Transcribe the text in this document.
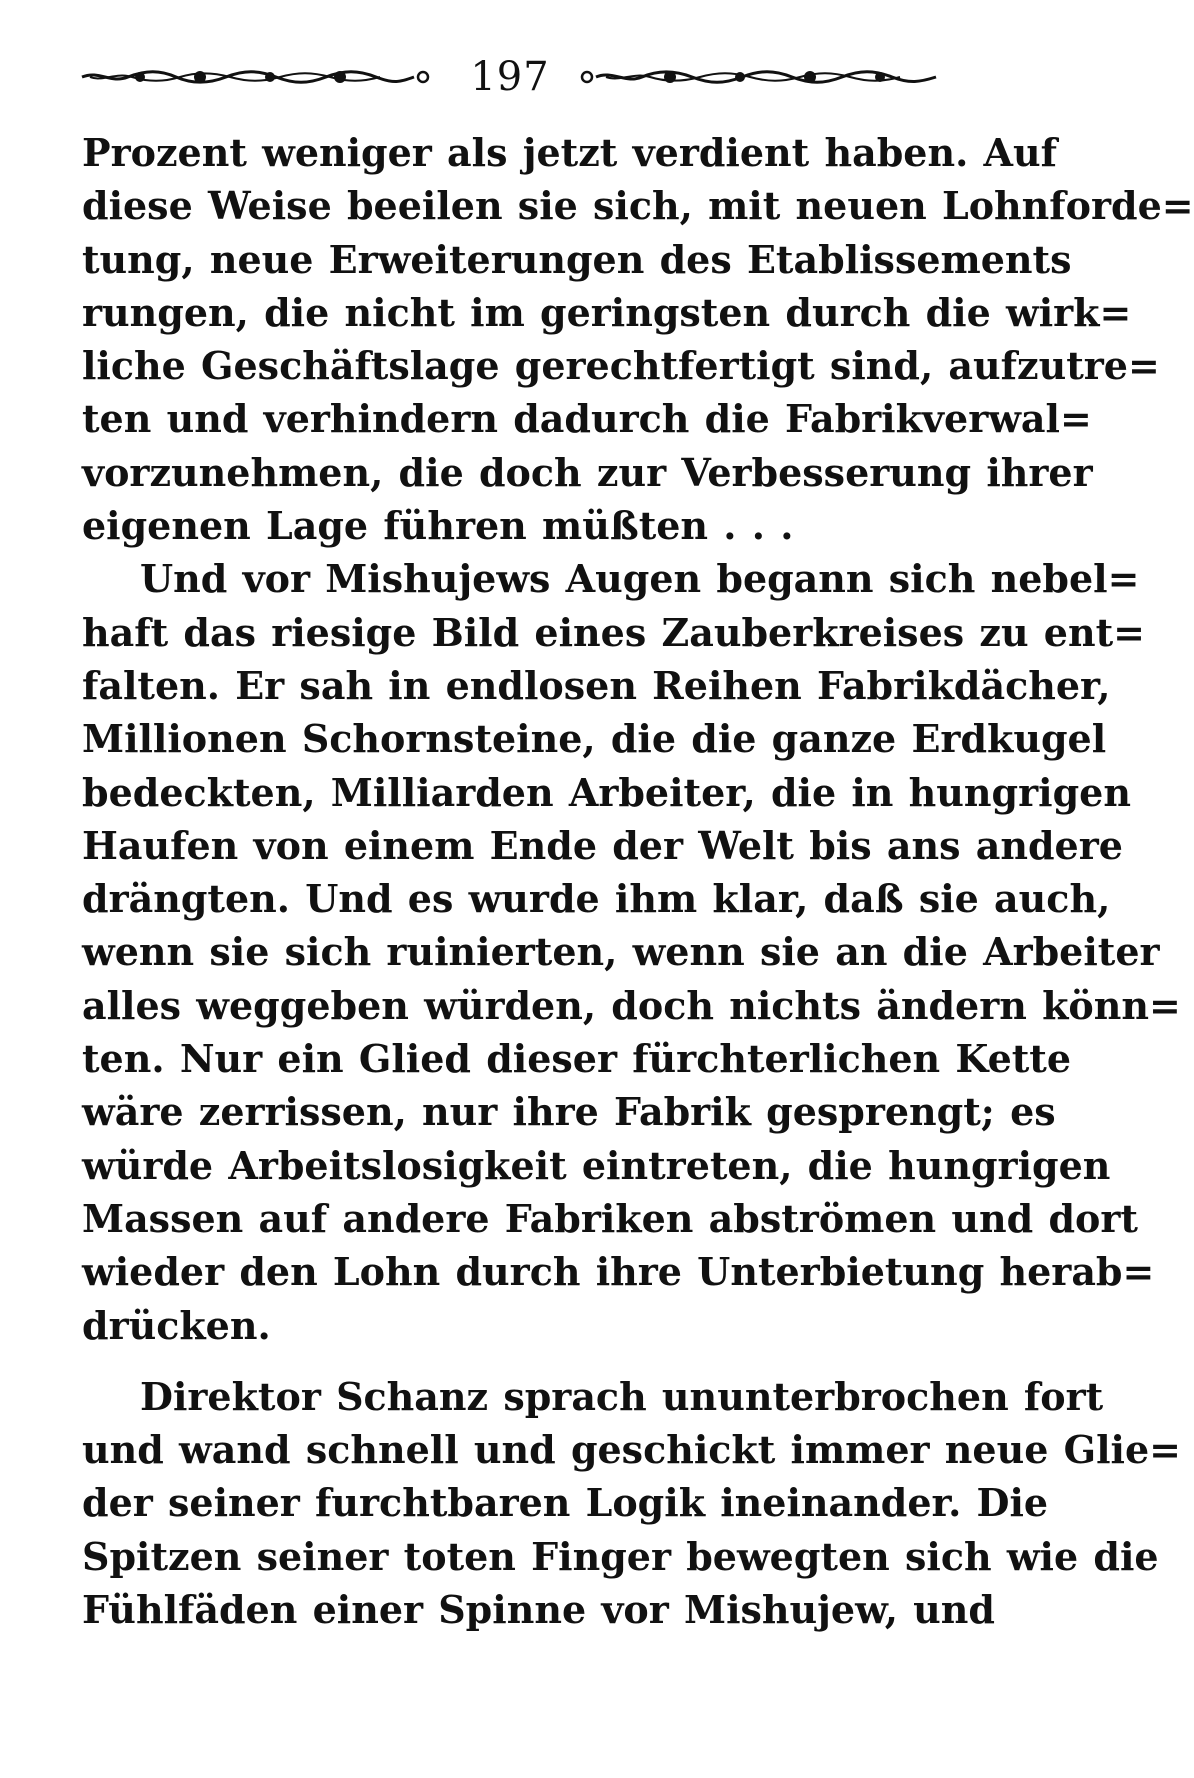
197
Prozent weniger als jetzt verdient haben. Auf
diese Weise beeilen sie sich, mit neuen Lohnforde=
tung, neue Erweiterungen des Etablissements
rungen, die nicht im geringsten durch die wirk=
liche Geschäftslage gerechtfertigt sind, aufzutre=
ten und verhindern dadurch die Fabrikverwal=
vorzunehmen, die doch zur Verbesserung ihrer
eigenen Lage führen müßten . . .
Und vor Mishujews Augen begann sich nebel=
haft das riesige Bild eines Zauberkreises zu ent=
falten. Er sah in endlosen Reihen Fabrikdächer,
Millionen Schornsteine, die die ganze Erdkugel
bedeckten, Milliarden Arbeiter, die in hungrigen
Haufen von einem Ende der Welt bis ans andere
drängten. Und es wurde ihm klar, daß sie auch,
wenn sie sich ruinierten, wenn sie an die Arbeiter
alles weggeben würden, doch nichts ändern könn=
ten. Nur ein Glied dieser fürchterlichen Kette
wäre zerrissen, nur ihre Fabrik gesprengt; es
würde Arbeitslosigkeit eintreten, die hungrigen
Massen auf andere Fabriken abströmen und dort
wieder den Lohn durch ihre Unterbietung herab=
drücken.
Direktor Schanz sprach ununterbrochen fort
und wand schnell und geschickt immer neue Glie=
der seiner furchtbaren Logik ineinander. Die
Spitzen seiner toten Finger bewegten sich wie die
Fühlfäden einer Spinne vor Mishujew, und
